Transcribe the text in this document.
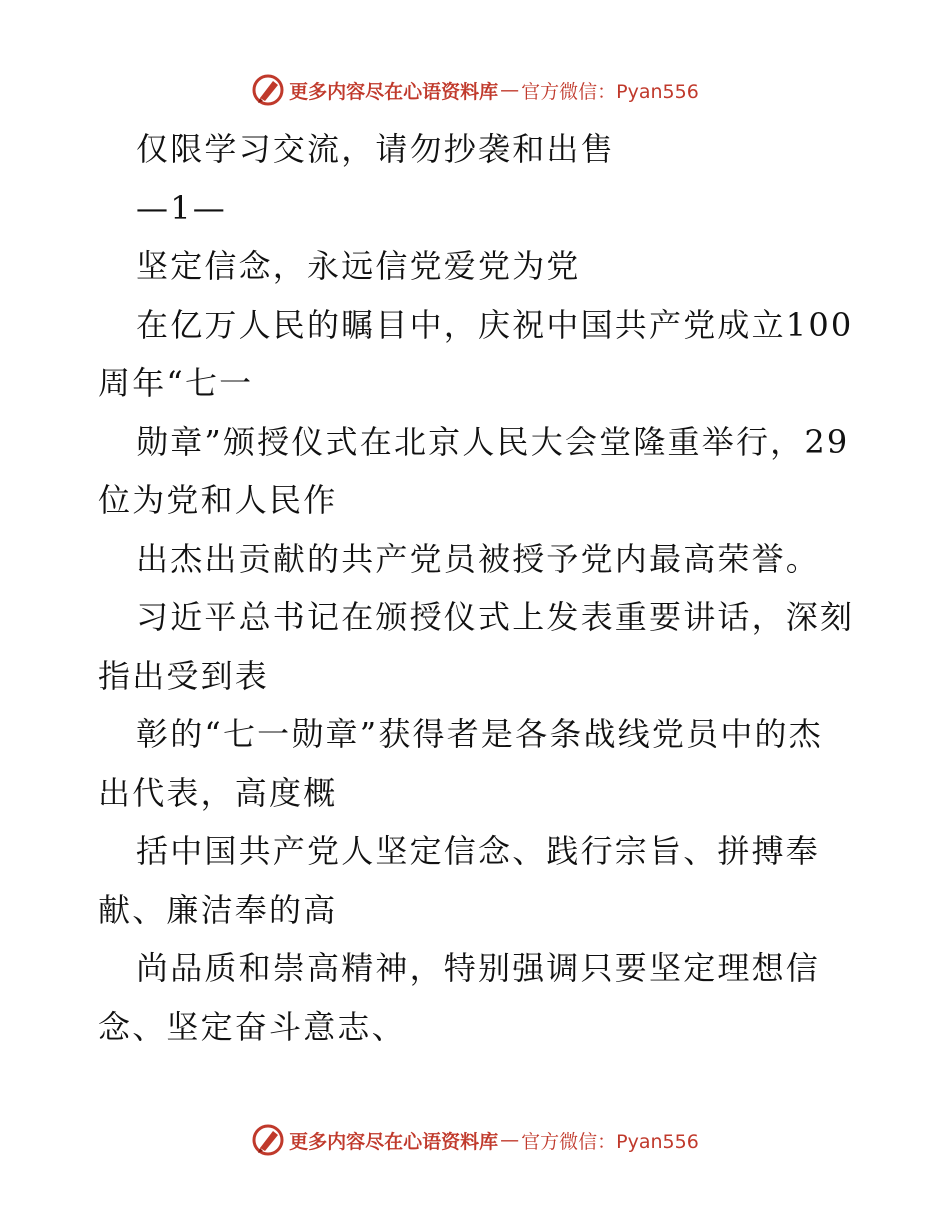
更多内容尽在心语资料库 — 官方微信：Pyan556
仅限学习交流，请勿抄袭和出售
—1—
坚定信念，永远信党爱党为党
在亿万人民的瞩目中，庆祝中国共产党成立100
周年“七一
勋章”颁授仪式在北京人民大会堂隆重举行，29
位为党和人民作
出杰出贡献的共产党员被授予党内最高荣誉。
习近平总书记在颁授仪式上发表重要讲话，深刻
指出受到表
彰的“七一勋章”获得者是各条战线党员中的杰
出代表，高度概
括中国共产党人坚定信念、践行宗旨、拼搏奉
献、廉洁奉的高
尚品质和崇高精神，特别强调只要坚定理想信
念、坚定奋斗意志、
更多内容尽在心语资料库 — 官方微信：Pyan556
